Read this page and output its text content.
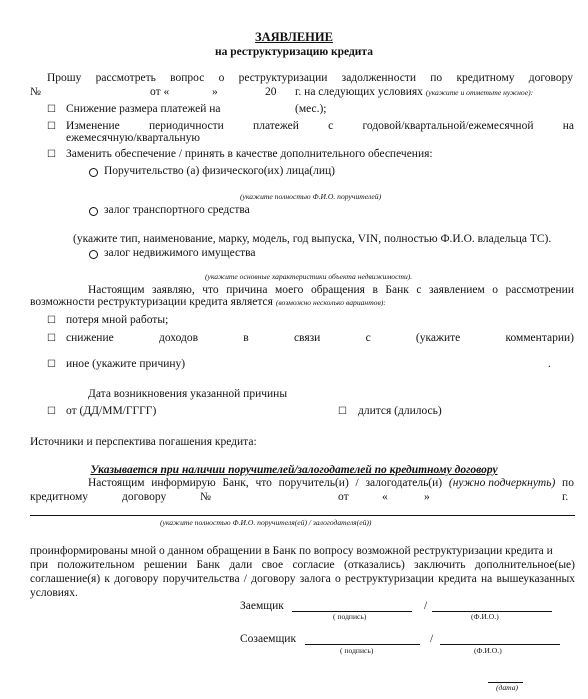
ЗАЯВЛЕНИЕ
на реструктуризацию кредита
Прошу рассмотреть вопрос о реструктуризации задолженности по кредитному договору
№	от «	»	20 г. на следующих условиях (укажите и отметьте нужное):
☐ Снижение размера платежей на	(мес.);
☐ Изменение	периодичности	платежей	с	годовой/квартальной/ежемесячной	на
ежемесячную/квартальную
☐ Заменить обеспечение / принять в качестве дополнительного обеспечения:
Поручительство (а) физического(их) лица(лиц)
(укажите полностью Ф.И.О. поручителей)
залог транспортного средства
(укажите тип, наименование, марку, модель, год выпуска, VIN, полностью Ф.И.О. владельца ТС).
залог недвижимого имущества
(укажите основные характеристики объекта недвижимости).
Настоящим заявляю, что причина моего обращения в Банк с заявлением о рассмотрении
возможности реструктуризации кредита является (возможно несколько вариантов):
☐ потеря мной работы;
☐ снижение	доходов	в	связи	с	(укажите	комментарии)
☐ иное (укажите причину)	.
Дата возникновения указанной причины
☐ от (ДД/ММ/ГГГГ)	☐ длится (длилось)
Источники и перспектива погашения кредита:
Указывается при наличии поручителей/залогодателей по кредитному договору
Настоящим информирую Банк, что поручитель(и) / залогодатель(и) (нужно подчеркнуть) по
кредитному	договору	№	от	«	»	г.
(укажите полностью Ф.И.О. поручителя(ей) / залогодателя(ей))
проинформированы мной о данном обращении в Банк по вопросу возможной реструктуризации кредита и
при положительном решении Банк дали свое согласие (отказались) заключить дополнительное(ые)
соглашение(я) к договору поручительства / договору залога о реструктуризации кредита на вышеуказанных
условиях.
Заемщик	/
( подпись)	(Ф.И.О.)
Созаемщик	/
( подпись)	(Ф.И.О.)
(дата)
